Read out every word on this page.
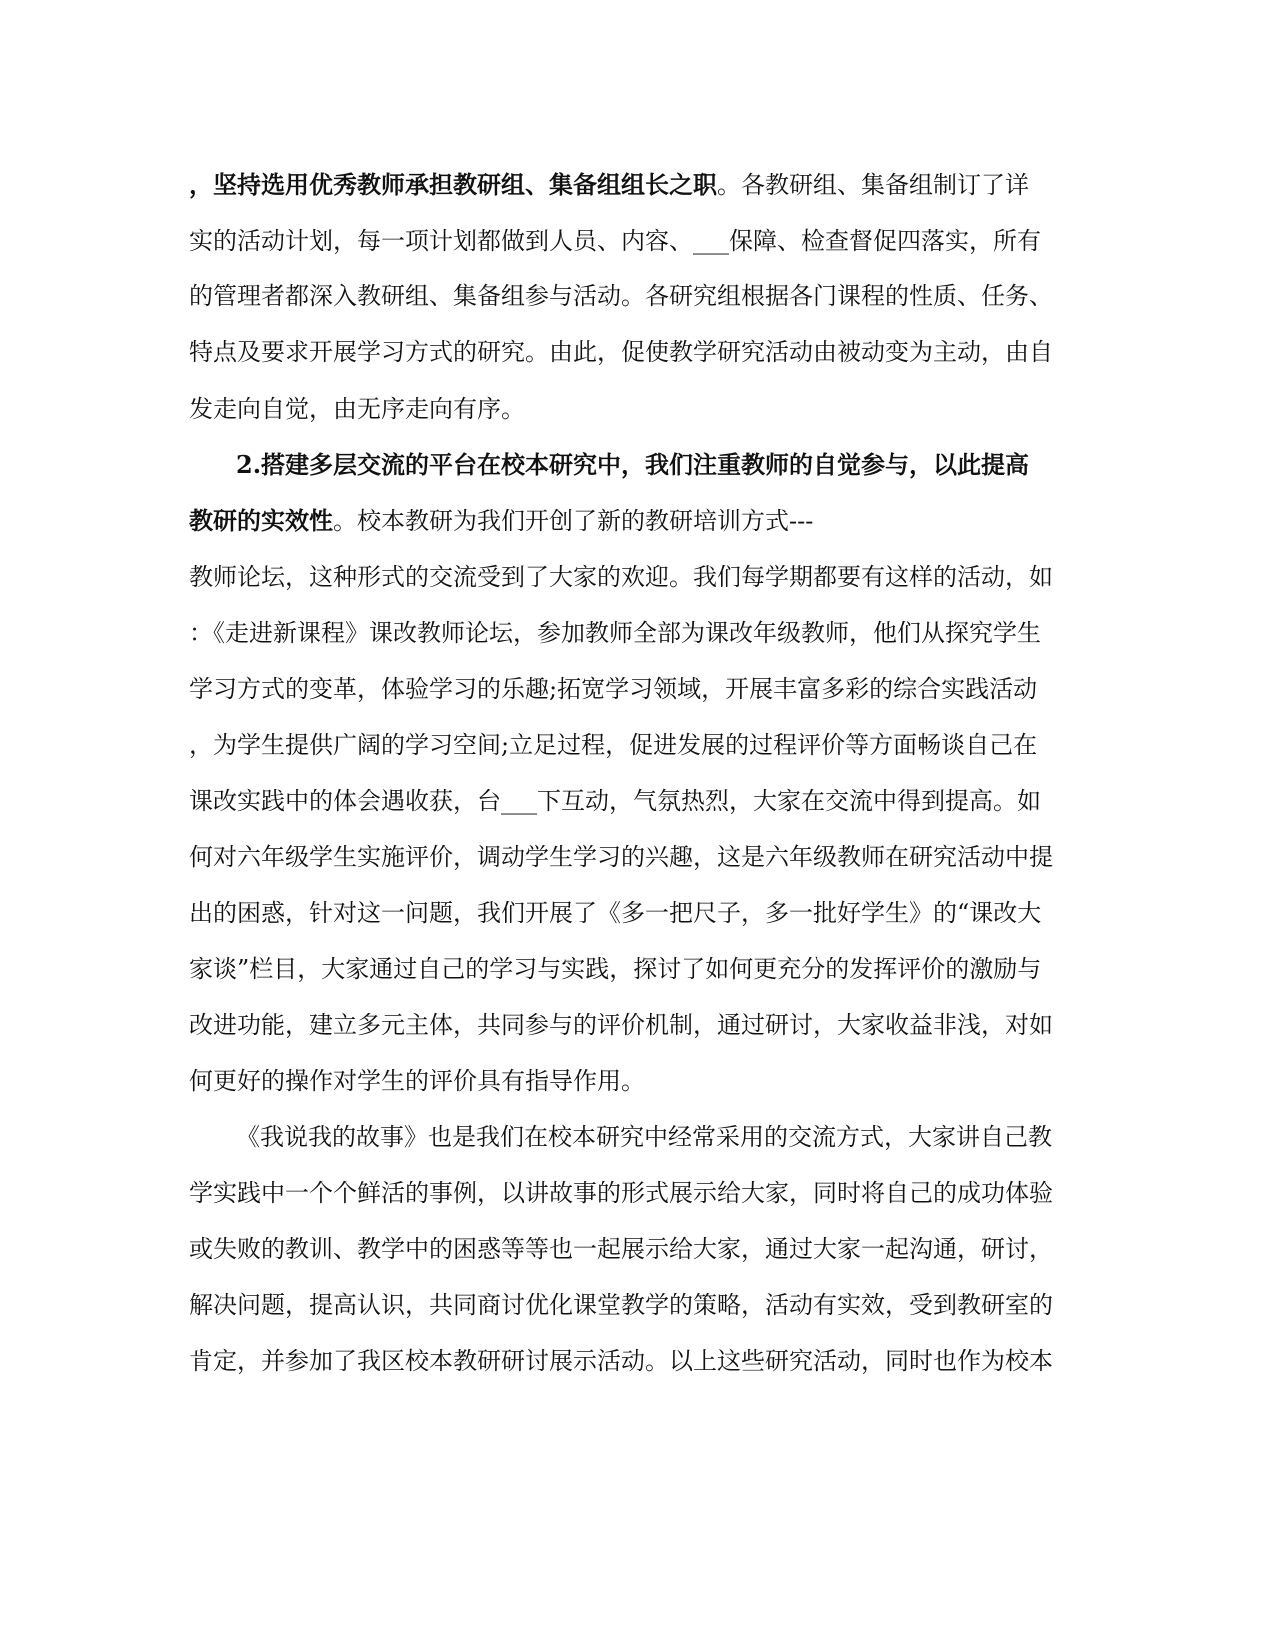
，坚持选用优秀教师承担教研组、集备组组长之职。各教研组、集备组制订了详
实的活动计划，每一项计划都做到人员、内容、___保障、检查督促四落实，所有
的管理者都深入教研组、集备组参与活动。各研究组根据各门课程的性质、任务、
特点及要求开展学习方式的研究。由此，促使教学研究活动由被动变为主动，由自
发走向自觉，由无序走向有序。
2.搭建多层交流的平台在校本研究中，我们注重教师的自觉参与，以此提高
教研的实效性。校本教研为我们开创了新的教研培训方式---
教师论坛，这种形式的交流受到了大家的欢迎。我们每学期都要有这样的活动，如
：《走进新课程》课改教师论坛，参加教师全部为课改年级教师，他们从探究学生
学习方式的变革，体验学习的乐趣;拓宽学习领域，开展丰富多彩的综合实践活动
，为学生提供广阔的学习空间;立足过程，促进发展的过程评价等方面畅谈自己在
课改实践中的体会遇收获，台___下互动，气氛热烈，大家在交流中得到提高。如
何对六年级学生实施评价，调动学生学习的兴趣，这是六年级教师在研究活动中提
出的困惑，针对这一问题，我们开展了《多一把尺子，多一批好学生》的“课改大
家谈”栏目，大家通过自己的学习与实践，探讨了如何更充分的发挥评价的激励与
改进功能，建立多元主体，共同参与的评价机制，通过研讨，大家收益非浅，对如
何更好的操作对学生的评价具有指导作用。
《我说我的故事》也是我们在校本研究中经常采用的交流方式，大家讲自己教
学实践中一个个鲜活的事例，以讲故事的形式展示给大家，同时将自己的成功体验
或失败的教训、教学中的困惑等等也一起展示给大家，通过大家一起沟通，研讨，
解决问题，提高认识，共同商讨优化课堂教学的策略，活动有实效，受到教研室的
肯定，并参加了我区校本教研研讨展示活动。以上这些研究活动，同时也作为校本
